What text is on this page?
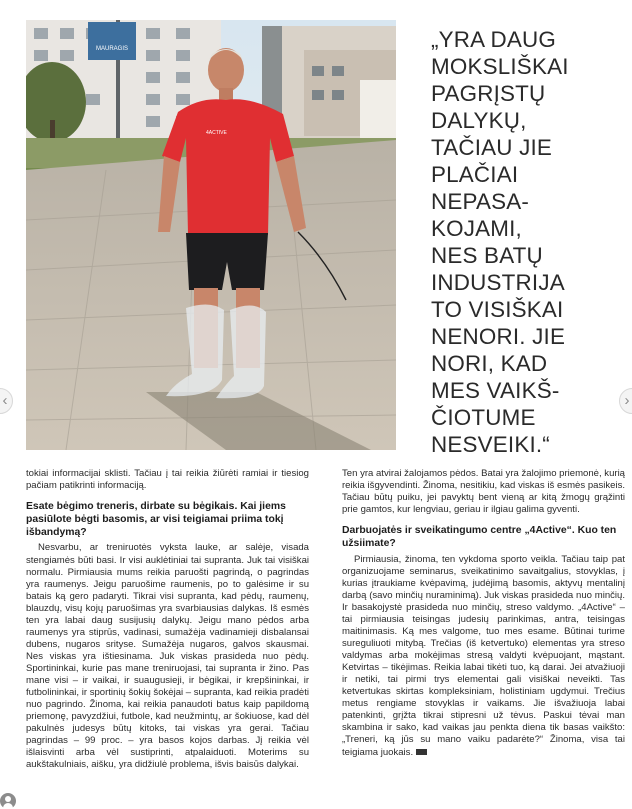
MAURAGIS
4ACTIVE
„YRA DAUG
MOKSLIŠKAI
PAGRĮSTŲ
DALYKŲ,
TAČIAU JIE
PLAČIAI
NEPASA-
KOJAMI,
NES BATŲ
INDUSTRIJA
TO VISIŠKAI
NENORI. JIE
NORI, KAD
MES VAIKŠ-
ČIOTUME
NESVEIKI.“

tokiai informacijai sklisti. Tačiau į tai reikia žiūrėti ramiai ir tiesiog pačiam patikrinti informaciją.

Esate bėgimo treneris, dirbate su bėgikais. Kai jiems pasiūlote bėgti basomis, ar visi teigiamai priima tokį išbandymą?

Nesvarbu, ar treniruotės vyksta lauke, ar salėje, visada stengiamės būti basi. Ir visi auklėtiniai tai supranta. Juk tai visiškai normalu. Pirmiausia mums reikia paruošti pagrindą, o pagrindas yra raumenys. Jeigu paruošime raumenis, po to galėsime ir su batais ką gero padaryti. Tikrai visi supranta, kad pėdų, raumenų, blauzdų, visų kojų paruošimas yra svarbiausias dalykas. Iš esmės ten yra labai daug susijusių dalykų. Jeigu mano pėdos arba raumenys yra stiprūs, vadinasi, sumažėja vadinamieji disbalansai dubens, nugaros srityse. Sumažėja nugaros, galvos skausmai. Nes viskas yra ištiesinama. Juk viskas prasideda nuo pėdų. Sportininkai, kurie pas mane treniruojasi, tai supranta ir žino. Pas mane visi – ir vaikai, ir suaugusieji, ir bėgikai, ir krepšininkai, ir futbolininkai, ir sportinių šokių šokėjai – supranta, kad reikia pradėti nuo pagrindo. Žinoma, kai reikia panaudoti batus kaip papildomą priemonę, pavyzdžiui, futbole, kad neužmintų, ar šokiuose, kad dėl pakulnės judesys būtų kitoks, tai viskas yra gerai. Tačiau pagrindas – 99 proc. – yra basos kojos darbas. Jį reikia vėl išlaisvinti arba vėl sustiprinti, atpalaiduoti. Moterims su aukštakulniais, aišku, yra didžiulė problema, išvis baisūs dalykai.

Ten yra atvirai žalojamos pėdos. Batai yra žalojimo priemonė, kurią reikia išgyvendinti. Žinoma, nesitikiu, kad viskas iš esmės pasikeis. Tačiau būtų puiku, jei pavyktų bent vieną ar kitą žmogų grąžinti prie gamtos, kur lengviau, geriau ir ilgiau galima gyventi.

Darbuojatės ir sveikatingumo centre „4Active“. Kuo ten užsiimate?

Pirmiausia, žinoma, ten vykdoma sporto veikla. Tačiau taip pat organizuojame seminarus, sveikatinimo savaitgalius, stovyklas, į kurias įtraukiame kvėpavimą, judėjimą basomis, aktyvų mentalinį darbą (savo minčių nuraminimą). Juk viskas prasideda nuo minčių. Ir basakojystė prasideda nuo minčių, streso valdymo. „4Active“ – tai pirmiausia teisingas judesių parinkimas, antra, teisingas maitinimasis. Ką mes valgome, tuo mes esame. Būtinai turime sureguliuoti mitybą. Trečias (iš ketvertuko) elementas yra streso valdymas arba mokėjimas stresą valdyti kvėpuojant, mąstant. Ketvirtas – tikėjimas. Reikia labai tikėti tuo, ką darai. Jei atvažiuoji ir netiki, tai pirmi trys elementai gali visiškai neveikti. Tas ketvertukas skirtas kompleksiniam, holistiniam ugdymui. Trečius metus rengiame stovyklas ir vaikams. Jie išvažiuoja labai patenkinti, grįžta tikrai stipresni už tėvus. Paskui tėvai man skambina ir sako, kad vaikas jau penkta diena tik basas vaikšto: „Treneri, ką jūs su mano vaiku padarėte?“ Žinoma, visa tai teigiama juokais.

‹	›
